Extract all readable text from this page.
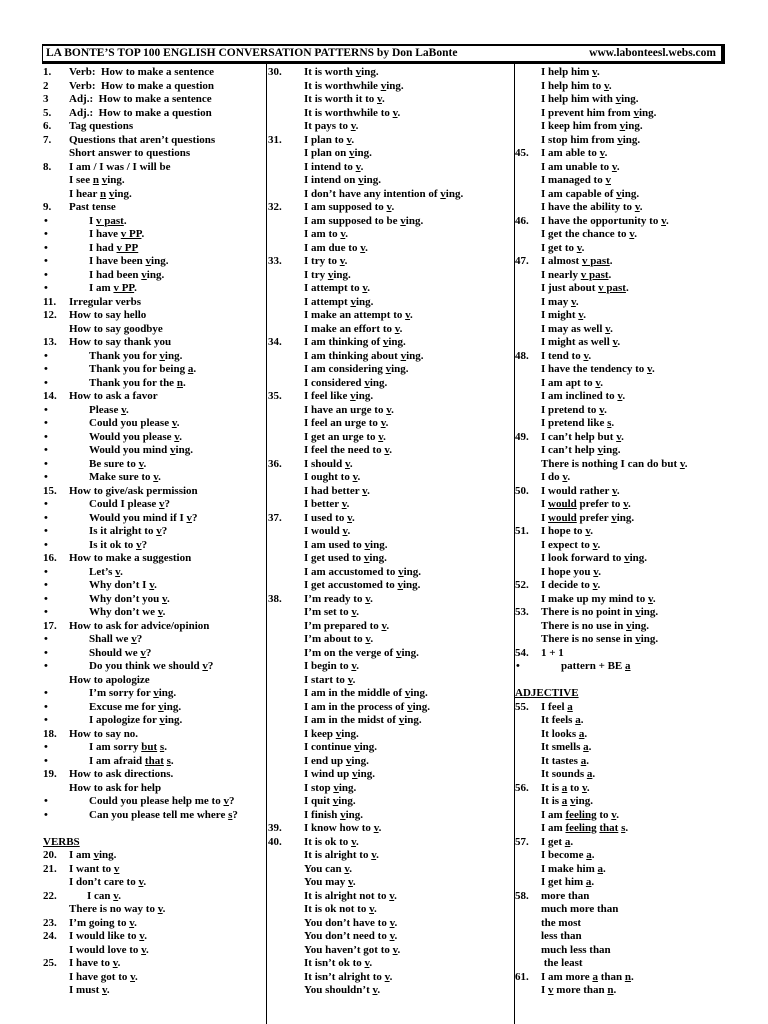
LA BONTE’S TOP 100 ENGLISH CONVERSATION PATTERNS by Don LaBonte	www.labonteesl.webs.com
1. Verb:  How to make a sentence
2 Verb:  How to make a question
3 Adj.:  How to make a sentence
5. Adj.:  How to make a question
6. Tag questions
7. Questions that aren’t questions
Short answer to questions
8. I am / I was / I will be
I see n ving.
I hear n ving.
9. Past tense
•	I v past.
•	I have v PP.
•	I had v PP
•	I have been ving.
•	I had been ving.
•	I am v PP.
11. Irregular verbs
12. How to say hello
How to say goodbye
13. How to say thank you
•	Thank you for ving.
•	Thank you for being a.
•	Thank you for the n.
14. How to ask a favor
•	Please v.
•	Could you please v.
•	Would you please v.
•	Would you mind ving.
•	Be sure to v.
•	Make sure to v.
15. How to give/ask permission
•	Could I please v?
•	Would you mind if I v?
•	Is it alright to v?
•	Is it ok to v?
16. How to make a suggestion
•	Let’s v.
•	Why don’t I v.
•	Why don’t you v.
•	Why don’t we v.
17. How to ask for advice/opinion
•	Shall we v?
•	Should we v?
•	Do you think we should v?
How to apologize
•	I’m sorry for ving.
•	Excuse me for ving.
•	I apologize for ving.
18. How to say no.
•	I am sorry but s.
•	I am afraid that s.
19. How to ask directions.
How to ask for help
•	Could you please help me to v?
•	Can you please tell me where s?
VERBS
20. I am ving.
21. I want to v
I don’t care to v.
22.	I can v.
There is no way to v.
23. I’m going to v.
24. I would like to v.
I would love to v.
25. I have to v.
I have got to v.
I must v.
30. It is worth ving.
It is worthwhile ving.
It is worth it to v.
It is worthwhile to v.
It pays to v.
31. I plan to v.
I plan on ving.
I intend to v.
I intend on ving.
I don’t have any intention of ving.
32. I am supposed to v.
I am supposed to be ving.
I am to v.
I am due to v.
33. I try to v.
I try ving.
I attempt to v.
I attempt ving.
I make an attempt to v.
I make an effort to v.
34. I am thinking of ving.
I am thinking about ving.
I am considering ving.
I considered ving.
35. I feel like ving.
I have an urge to v.
I feel an urge to v.
I get an urge to v.
I feel the need to v.
36. I should v.
I ought to v.
I had better v.
I better v.
37. I used to v.
I would v.
I am used to ving.
I get used to ving.
I am accustomed to ving.
I get accustomed to ving.
38. I’m ready to v.
I’m set to v.
I’m prepared to v.
I’m about to v.
I’m on the verge of ving.
I begin to v.
I start to v.
I am in the middle of ving.
I am in the process of ving.
I am in the midst of ving.
I keep ving.
I continue ving.
I end up ving.
I wind up ving.
I stop ving.
I quit ving.
I finish ving.
39. I know how to v.
40. It is ok to v.
It is alright to v.
You can v.
You may v.
It is alright not to v.
It is ok not to v.
You don’t have to v.
You don’t need to v.
You haven’t got to v.
It isn’t ok to v.
It isn’t alright to v.
You shouldn’t v.
I help him v.
I help him to v.
I help him with ving.
I prevent him from ving.
I keep him from ving.
I stop him from ving.
45. I am able to v.
I am unable to v.
I managed to v
I am capable of ving.
I have the ability to v.
46. I have the opportunity to v.
I get the chance to v.
I get to v.
47. I almost v past.
I nearly v past.
I just about v past.
I may v.
I might v.
I may as well v.
I might as well v.
48. I tend to v.
I have the tendency to v.
I am apt to v.
I am inclined to v.
I pretend to v.
I pretend like s.
49. I can’t help but v.
I can’t help ving.
There is nothing I can do but v.
I do v.
50. I would rather v.
I would prefer to v.
I would prefer ving.
51. I hope to v.
I expect to v.
I look forward to ving.
I hope you v.
52. I decide to v.
I make up my mind to v.
53. There is no point in ving.
There is no use in ving.
There is no sense in ving.
54. 1 + 1
•	pattern + BE a
ADJECTIVE
55. I feel a
It feels a.
It looks a.
It smells a.
It tastes a.
It sounds a.
56. It is a to v.
It is a ving.
I am feeling to v.
I am feeling that s.
57. I get a.
I become a.
I make him a.
I get him a.
58. more than
much more than
the most
less than
much less than
the least
61. I am more a than n.
I v more than n.
